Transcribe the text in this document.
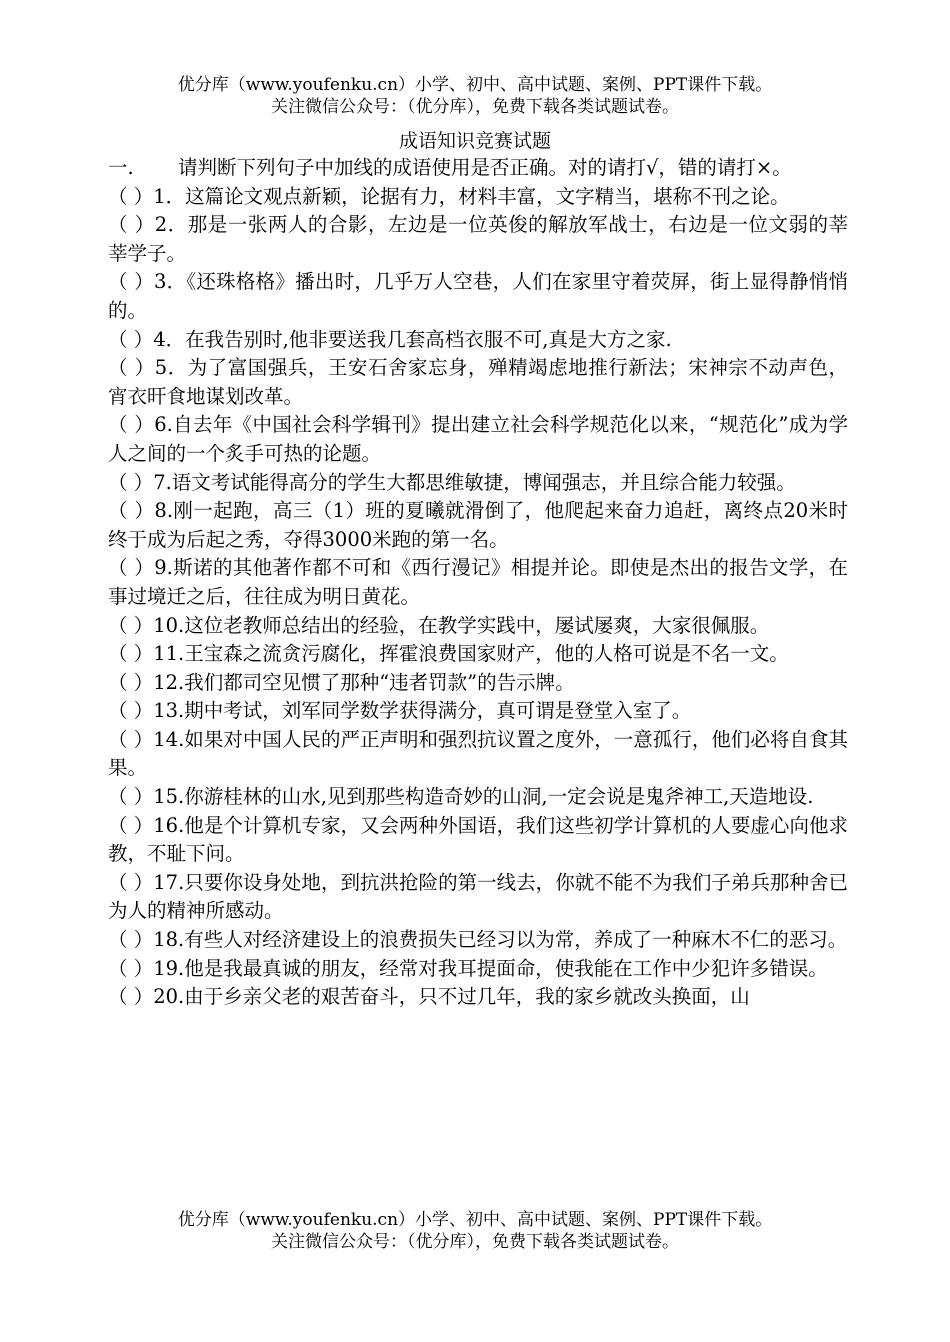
优分库（www.youfenku.cn）小学、初中、高中试题、案例、PPT课件下载。
关注微信公众号：（优分库），免费下载各类试题试卷。
成语知识竞赛试题

一. 请判断下列句子中加线的成语使用是否正确。对的请打√，错的请打×。

（ ）1．这篇论文观点新颖，论据有力，材料丰富，文字精当，堪称不刊之论。

（ ）2．那是一张两人的合影，左边是一位英俊的解放军战士，右边是一位文弱的莘莘学子。

（ ）3．《还珠格格》播出时，几乎万人空巷，人们在家里守着荧屏，街上显得静悄悄的。

（ ）4．在我告别时,他非要送我几套高档衣服不可,真是大方之家.

（ ）5．为了富国强兵，王安石舍家忘身，殚精竭虑地推行新法；宋神宗不动声色，宵衣旰食地谋划改革。

（ ）6.自去年《中国社会科学辑刊》提出建立社会科学规范化以来，“规范化”成为学人之间的一个炙手可热的论题。

（ ）7.语文考试能得高分的学生大都思维敏捷，博闻强志，并且综合能力较强。

（ ）8.刚一起跑，高三（1）班的夏曦就滑倒了，他爬起来奋力追赶，离终点20米时终于成为后起之秀，夺得3000米跑的第一名。

（ ）9.斯诺的其他著作都不可和《西行漫记》相提并论。即使是杰出的报告文学，在事过境迁之后，往往成为明日黄花。

（ ）10.这位老教师总结出的经验，在教学实践中，屡试屡爽，大家很佩服。

（ ）11.王宝森之流贪污腐化，挥霍浪费国家财产，他的人格可说是不名一文。

（ ）12.我们都司空见惯了那种“违者罚款”的告示牌。

（ ）13.期中考试，刘军同学数学获得满分，真可谓是登堂入室了。

（ ）14.如果对中国人民的严正声明和强烈抗议置之度外，一意孤行，他们必将自食其果。

（ ）15.你游桂林的山水,见到那些构造奇妙的山洞,一定会说是鬼斧神工,天造地设.

（ ）16.他是个计算机专家，又会两种外国语，我们这些初学计算机的人要虚心向他求教，不耻下问。

（ ）17.只要你设身处地，到抗洪抢险的第一线去，你就不能不为我们子弟兵那种舍已为人的精神所感动。

（ ）18.有些人对经济建设上的浪费损失已经习以为常，养成了一种麻木不仁的恶习。

（ ）19.他是我最真诚的朋友，经常对我耳提面命，使我能在工作中少犯许多错误。

（ ）20.由于乡亲父老的艰苦奋斗，只不过几年，我的家乡就改头换面，山

优分库（www.youfenku.cn）小学、初中、高中试题、案例、PPT课件下载。
关注微信公众号：（优分库），免费下载各类试题试卷。
